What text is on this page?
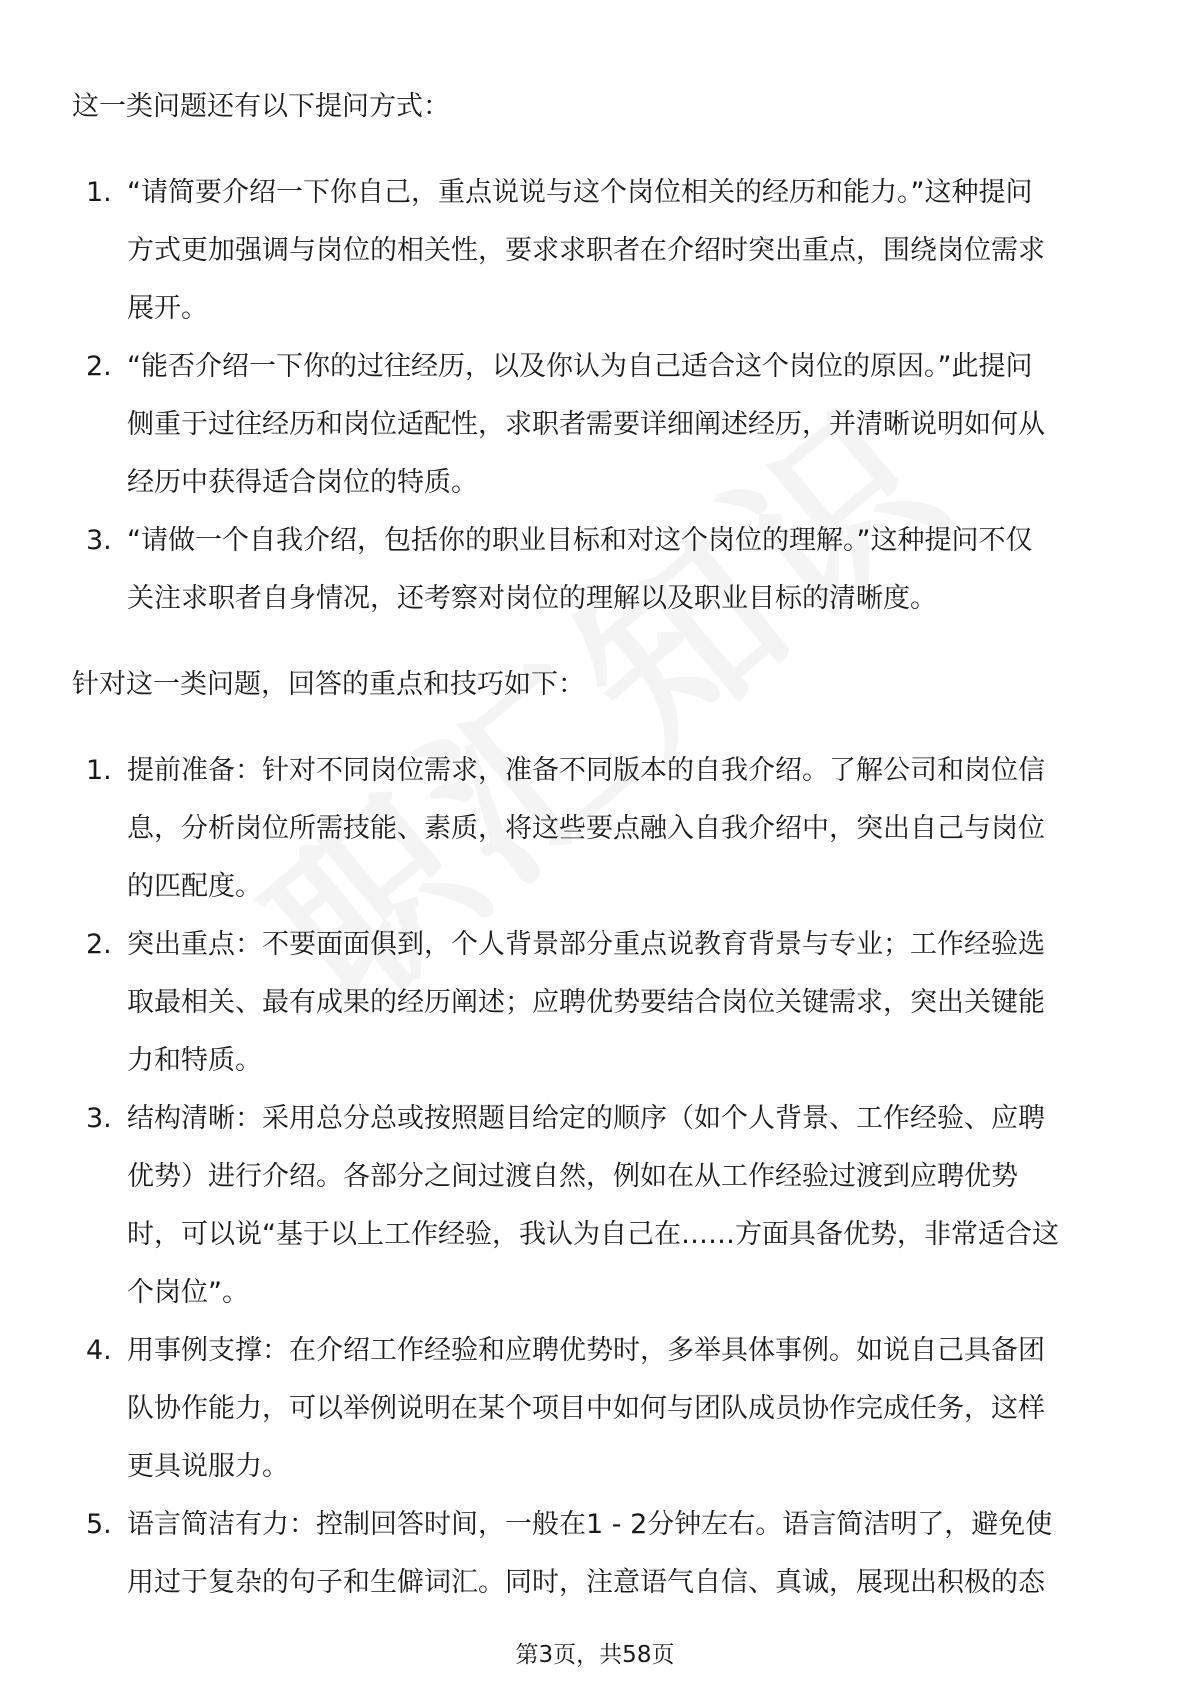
这一类问题还有以下提问方式：

1. “请简要介绍一下你自己，重点说说与这个岗位相关的经历和能力。”这种提问
方式更加强调与岗位的相关性，要求求职者在介绍时突出重点，围绕岗位需求
展开。
2. “能否介绍一下你的过往经历，以及你认为自己适合这个岗位的原因。”此提问
侧重于过往经历和岗位适配性，求职者需要详细阐述经历，并清晰说明如何从
经历中获得适合岗位的特质。
3. “请做一个自我介绍，包括你的职业目标和对这个岗位的理解。”这种提问不仅
关注求职者自身情况，还考察对岗位的理解以及职业目标的清晰度。

针对这一类问题，回答的重点和技巧如下：

1. 提前准备：针对不同岗位需求，准备不同版本的自我介绍。了解公司和岗位信
息，分析岗位所需技能、素质，将这些要点融入自我介绍中，突出自己与岗位
的匹配度。
2. 突出重点：不要面面俱到，个人背景部分重点说教育背景与专业；工作经验选
取最相关、最有成果的经历阐述；应聘优势要结合岗位关键需求，突出关键能
力和特质。
3. 结构清晰：采用总分总或按照题目给定的顺序（如个人背景、工作经验、应聘
优势）进行介绍。各部分之间过渡自然，例如在从工作经验过渡到应聘优势
时，可以说“基于以上工作经验，我认为自己在……方面具备优势，非常适合这
个岗位”。
4. 用事例支撑：在介绍工作经验和应聘优势时，多举具体事例。如说自己具备团
队协作能力，可以举例说明在某个项目中如何与团队成员协作完成任务，这样
更具说服力。
5. 语言简洁有力：控制回答时间，一般在1 - 2分钟左右。语言简洁明了，避免使
用过于复杂的句子和生僻词汇。同时，注意语气自信、真诚，展现出积极的态
第3页，共58页
